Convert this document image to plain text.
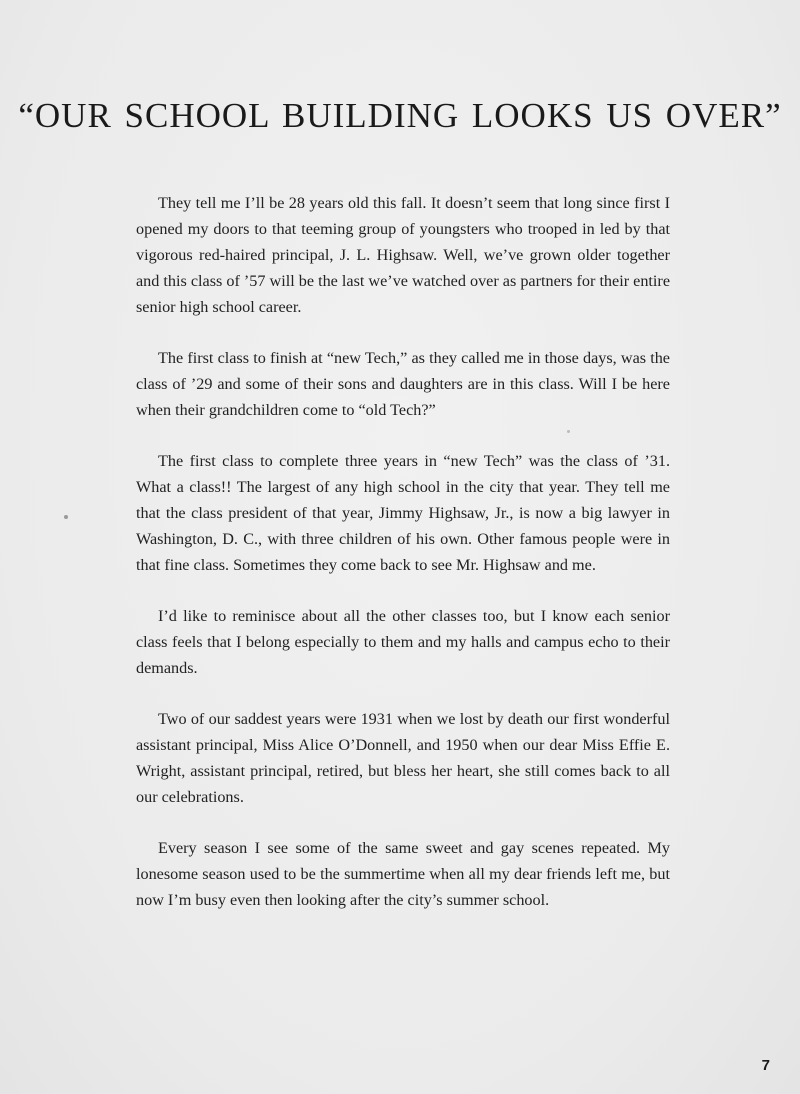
“OUR SCHOOL BUILDING LOOKS US OVER”

They tell me I’ll be 28 years old this fall. It doesn’t seem that long since first I opened my doors to that teeming group of youngsters who trooped in led by that vigorous red-haired principal, J. L. Highsaw. Well, we’ve grown older together and this class of ’57 will be the last we’ve watched over as partners for their entire senior high school career.

The first class to finish at “new Tech,” as they called me in those days, was the class of ’29 and some of their sons and daughters are in this class. Will I be here when their grandchildren come to “old Tech?”

The first class to complete three years in “new Tech” was the class of ’31. What a class!! The largest of any high school in the city that year. They tell me that the class president of that year, Jimmy Highsaw, Jr., is now a big lawyer in Washington, D. C., with three children of his own. Other famous people were in that fine class. Sometimes they come back to see Mr. Highsaw and me.

I’d like to reminisce about all the other classes too, but I know each senior class feels that I belong especially to them and my halls and campus echo to their demands.

Two of our saddest years were 1931 when we lost by death our first wonderful assistant principal, Miss Alice O’Donnell, and 1950 when our dear Miss Effie E. Wright, assistant principal, retired, but bless her heart, she still comes back to all our celebrations.

Every season I see some of the same sweet and gay scenes repeated. My lonesome season used to be the summertime when all my dear friends left me, but now I’m busy even then looking after the city’s summer school.

7
